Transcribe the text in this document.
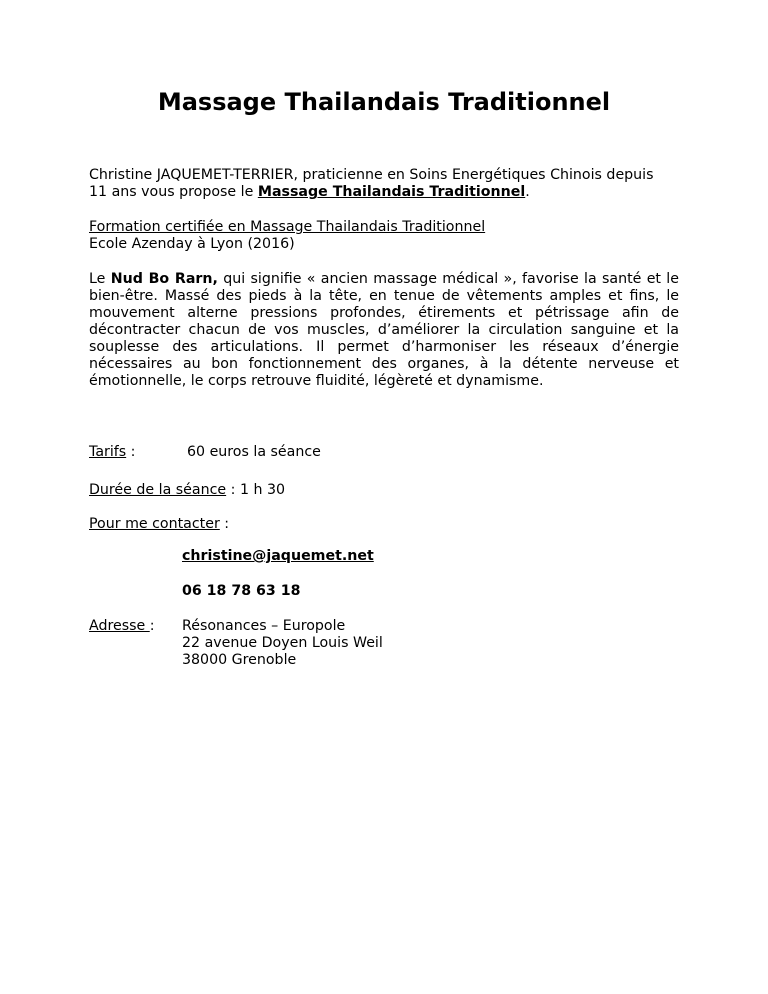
Massage Thailandais Traditionnel

Christine JAQUEMET-TERRIER, praticienne en Soins Energétiques Chinois depuis
11 ans vous propose le Massage Thailandais Traditionnel.

Formation certifiée en Massage Thailandais Traditionnel
Ecole Azenday à Lyon (2016)

Le Nud Bo Rarn, qui signifie « ancien massage médical », favorise la santé et le bien-être. Massé des pieds à la tête, en tenue de vêtements amples et fins, le mouvement alterne pressions profondes, étirements et pétrissage afin de décontracter chacun de vos muscles, d’améliorer la circulation sanguine et la souplesse des articulations. Il permet d’harmoniser les réseaux d’énergie nécessaires au bon fonctionnement des organes, à la détente nerveuse et émotionnelle, le corps retrouve fluidité, légèreté et dynamisme.

Tarifs :	60 euros la séance
Durée de la séance : 1 h 30
Pour me contacter :
christine@jaquemet.net
06 18 78 63 18
Adresse :	Résonances – Europole
22 avenue Doyen Louis Weil
38000 Grenoble
